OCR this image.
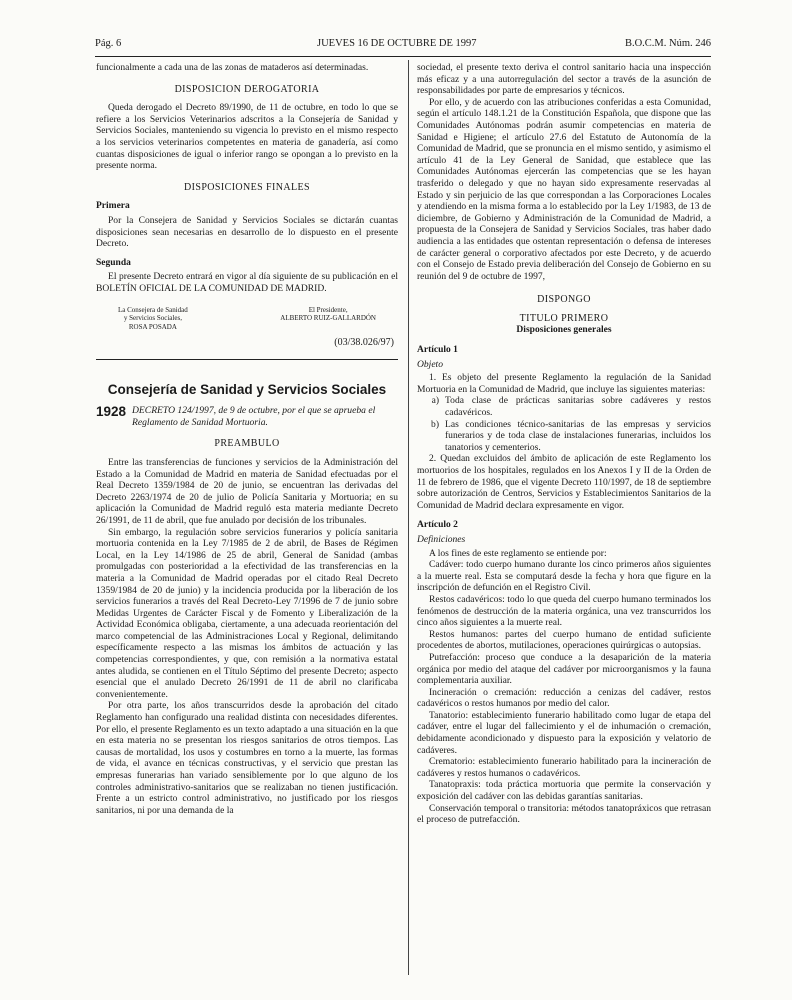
Pág. 6	JUEVES 16 DE OCTUBRE DE 1997	B.O.C.M. Núm. 246

funcionalmente a cada una de las zonas de mataderos así determinadas.

DISPOSICION DEROGATORIA

Queda derogado el Decreto 89/1990, de 11 de octubre, en todo lo que se refiere a los Servicios Veterinarios adscritos a la Consejería de Sanidad y Servicios Sociales, manteniendo su vigencia lo previsto en el mismo respecto a los servicios veterinarios competentes en materia de ganadería, así como cuantas disposiciones de igual o inferior rango se opongan a lo previsto en la presente norma.

DISPOSICIONES FINALES
Primera

Por la Consejera de Sanidad y Servicios Sociales se dictarán cuantas disposiciones sean necesarias en desarrollo de lo dispuesto en el presente Decreto.

Segunda

El presente Decreto entrará en vigor al día siguiente de su publicación en el BOLETÍN OFICIAL DE LA COMUNIDAD DE MADRID.

La Consejera de Sanidad
y Servicios Sociales,
ROSA POSADA
El Presidente,
ALBERTO RUIZ-GALLARDÓN
(03/38.026/97)
Consejería de Sanidad y Servicios Sociales
1928 DECRETO 124/1997, de 9 de octubre, por el que se aprueba el Reglamento de Sanidad Mortuoria.
PREAMBULO

Entre las transferencias de funciones y servicios de la Administración del Estado a la Comunidad de Madrid en materia de Sanidad efectuadas por el Real Decreto 1359/1984 de 20 de junio, se encuentran las derivadas del Decreto 2263/1974 de 20 de julio de Policía Sanitaria y Mortuoria; en su aplicación la Comunidad de Madrid reguló esta materia mediante Decreto 26/1991, de 11 de abril, que fue anulado por decisión de los tribunales.

Sin embargo, la regulación sobre servicios funerarios y policía sanitaria mortuoria contenida en la Ley 7/1985 de 2 de abril, de Bases de Régimen Local, en la Ley 14/1986 de 25 de abril, General de Sanidad (ambas promulgadas con posterioridad a la efectividad de las transferencias en la materia a la Comunidad de Madrid operadas por el citado Real Decreto 1359/1984 de 20 de junio) y la incidencia producida por la liberación de los servicios funerarios a través del Real Decreto-Ley 7/1996 de 7 de junio sobre Medidas Urgentes de Carácter Fiscal y de Fomento y Liberalización de la Actividad Económica obligaba, ciertamente, a una adecuada reorientación del marco competencial de las Administraciones Local y Regional, delimitando específicamente respecto a las mismas los ámbitos de actuación y las competencias correspondientes, y que, con remisión a la normativa estatal antes aludida, se contienen en el Título Séptimo del presente Decreto; aspecto esencial que el anulado Decreto 26/1991 de 11 de abril no clarificaba convenientemente.

Por otra parte, los años transcurridos desde la aprobación del citado Reglamento han configurado una realidad distinta con necesidades diferentes. Por ello, el presente Reglamento es un texto adaptado a una situación en la que en esta materia no se presentan los riesgos sanitarios de otros tiempos. Las causas de mortalidad, los usos y costumbres en torno a la muerte, las formas de vida, el avance en técnicas constructivas, y el servicio que prestan las empresas funerarias han variado sensiblemente por lo que alguno de los controles administrativo-sanitarios que se realizaban no tienen justificación. Frente a un estricto control administrativo, no justificado por los riesgos sanitarios, ni por una demanda de la

sociedad, el presente texto deriva el control sanitario hacia una inspección más eficaz y a una autorregulación del sector a través de la asunción de responsabilidades por parte de empresarios y técnicos.

Por ello, y de acuerdo con las atribuciones conferidas a esta Comunidad, según el artículo 148.1.21 de la Constitución Española, que dispone que las Comunidades Autónomas podrán asumir competencias en materia de Sanidad e Higiene; el artículo 27.6 del Estatuto de Autonomía de la Comunidad de Madrid, que se pronuncia en el mismo sentido, y asimismo el artículo 41 de la Ley General de Sanidad, que establece que las Comunidades Autónomas ejercerán las competencias que se les hayan trasferido o delegado y que no hayan sido expresamente reservadas al Estado y sin perjuicio de las que correspondan a las Corporaciones Locales y atendiendo en la misma forma a lo establecido por la Ley 1/1983, de 13 de diciembre, de Gobierno y Administración de la Comunidad de Madrid, a propuesta de la Consejera de Sanidad y Servicios Sociales, tras haber dado audiencia a las entidades que ostentan representación o defensa de intereses de carácter general o corporativo afectados por este Decreto, y de acuerdo con el Consejo de Estado previa deliberación del Consejo de Gobierno en su reunión del 9 de octubre de 1997,

DISPONGO
TITULO PRIMERO
Disposiciones generales
Artículo 1
Objeto

1. Es objeto del presente Reglamento la regulación de la Sanidad Mortuoria en la Comunidad de Madrid, que incluye las siguientes materias:

a) Toda clase de prácticas sanitarias sobre cadáveres y restos cadavéricos.
b) Las condiciones técnico-sanitarias de las empresas y servicios funerarios y de toda clase de instalaciones funerarias, incluidos los tanatorios y cementerios.

2. Quedan excluidos del ámbito de aplicación de este Reglamento los mortuorios de los hospitales, regulados en los Anexos I y II de la Orden de 11 de febrero de 1986, que el vigente Decreto 110/1997, de 18 de septiembre sobre autorización de Centros, Servicios y Establecimientos Sanitarios de la Comunidad de Madrid declara expresamente en vigor.

Artículo 2
Definiciones

A los fines de este reglamento se entiende por:

Cadáver: todo cuerpo humano durante los cinco primeros años siguientes a la muerte real. Esta se computará desde la fecha y hora que figure en la inscripción de defunción en el Registro Civil.

Restos cadavéricos: todo lo que queda del cuerpo humano terminados los fenómenos de destrucción de la materia orgánica, una vez transcurridos los cinco años siguientes a la muerte real.

Restos humanos: partes del cuerpo humano de entidad suficiente procedentes de abortos, mutilaciones, operaciones quirúrgicas o autopsias.

Putrefacción: proceso que conduce a la desaparición de la materia orgánica por medio del ataque del cadáver por microorganismos y la fauna complementaria auxiliar.

Incineración o cremación: reducción a cenizas del cadáver, restos cadavéricos o restos humanos por medio del calor.

Tanatorio: establecimiento funerario habilitado como lugar de etapa del cadáver, entre el lugar del fallecimiento y el de inhumación o cremación, debidamente acondicionado y dispuesto para la exposición y velatorio de cadáveres.

Crematorio: establecimiento funerario habilitado para la incineración de cadáveres y restos humanos o cadavéricos.

Tanatopraxis: toda práctica mortuoria que permite la conservación y exposición del cadáver con las debidas garantías sanitarias.

Conservación temporal o transitoria: métodos tanatopráxicos que retrasan el proceso de putrefacción.
